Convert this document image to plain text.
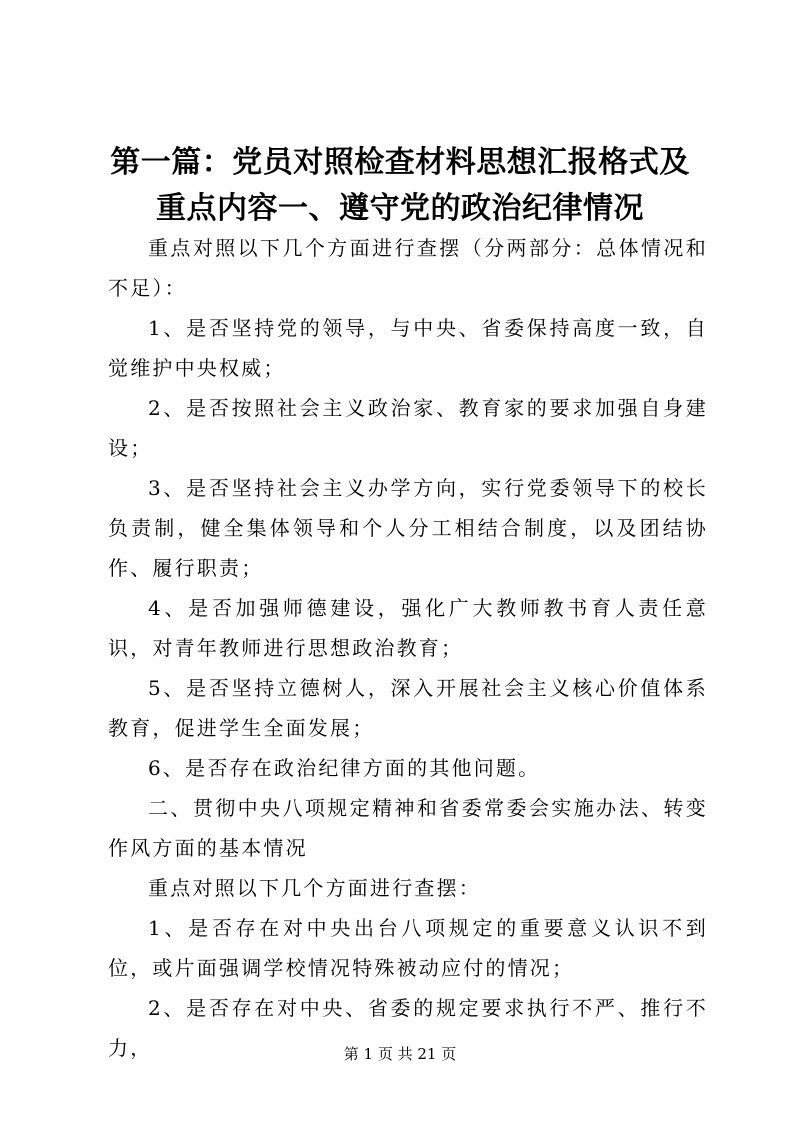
第一篇：党员对照检查材料思想汇报格式及重点内容一、遵守党的政治纪律情况

重点对照以下几个方面进行查摆（分两部分：总体情况和不足）：

1、是否坚持党的领导，与中央、省委保持高度一致，自觉维护中央权威；

2、是否按照社会主义政治家、教育家的要求加强自身建设；

3、是否坚持社会主义办学方向，实行党委领导下的校长负责制，健全集体领导和个人分工相结合制度，以及团结协作、履行职责；

4、是否加强师德建设，强化广大教师教书育人责任意识，对青年教师进行思想政治教育；

5、是否坚持立德树人，深入开展社会主义核心价值体系教育，促进学生全面发展；

6、是否存在政治纪律方面的其他问题。

二、贯彻中央八项规定精神和省委常委会实施办法、转变作风方面的基本情况

重点对照以下几个方面进行查摆：

1、是否存在对中央出台八项规定的重要意义认识不到位，或片面强调学校情况特殊被动应付的情况；

2、是否存在对中央、省委的规定要求执行不严、推行不力，	第 1 页 共 21 页
